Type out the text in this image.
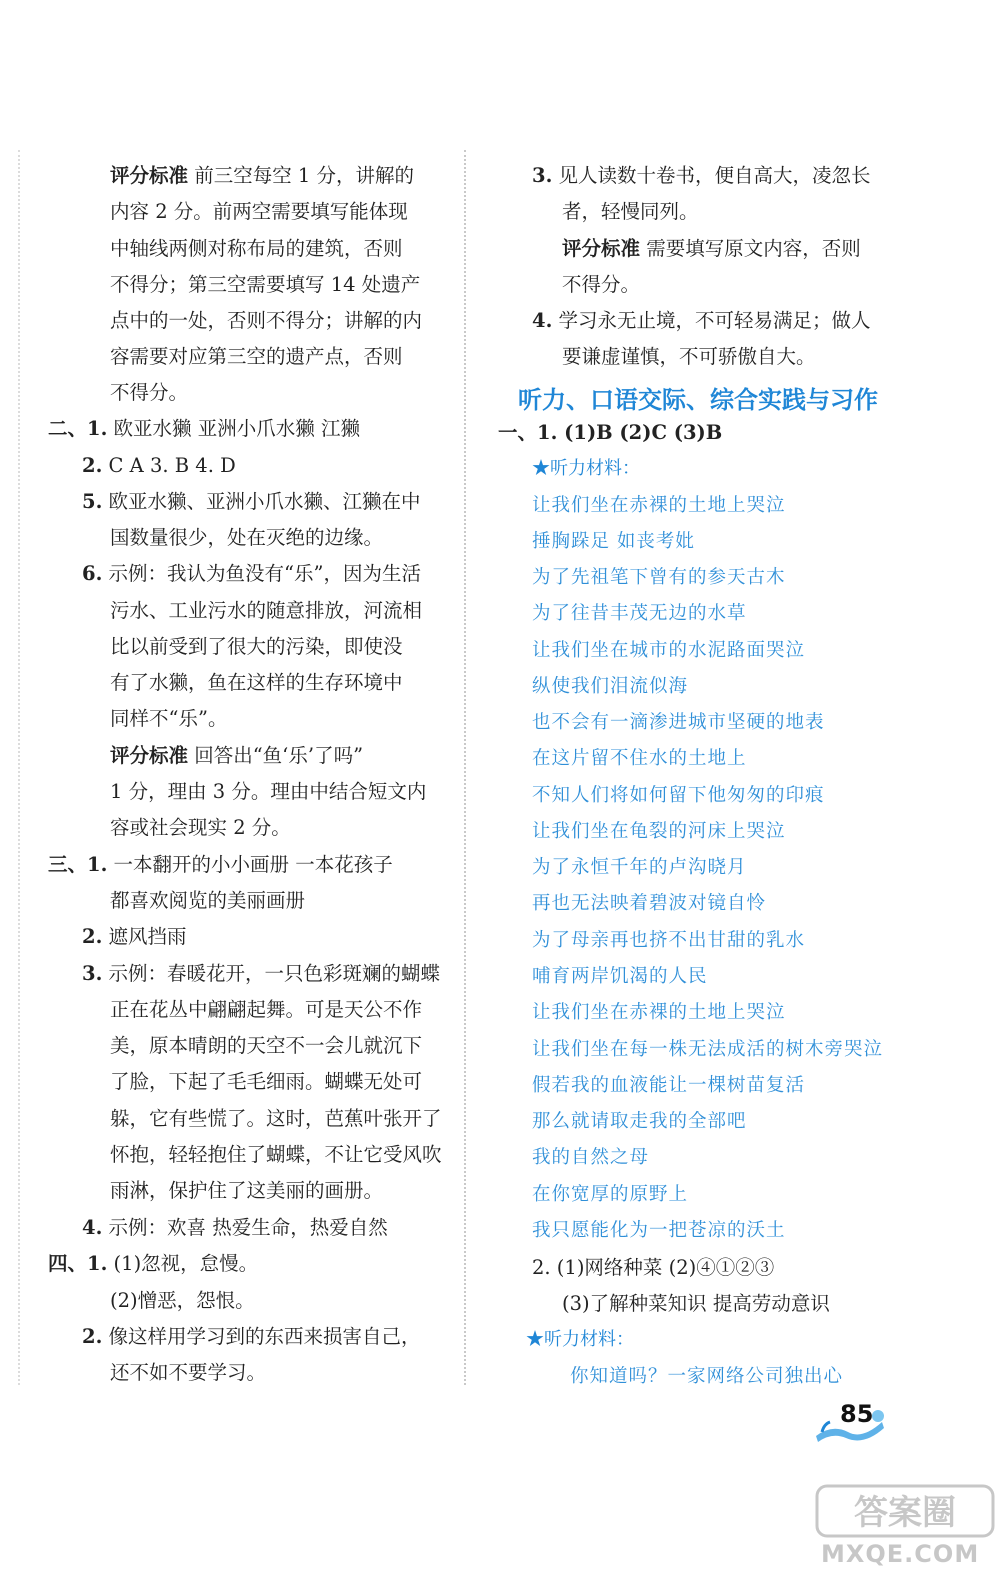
评分标准 前三空每空 1 分，讲解的
内容 2 分。前两空需要填写能体现
中轴线两侧对称布局的建筑，否则
不得分；第三空需要填写 14 处遗产
点中的一处，否则不得分；讲解的内
容需要对应第三空的遗产点，否则
不得分。
二、1. 欧亚水獭 亚洲小爪水獭 江獭
2. C A 3. B 4. D
5. 欧亚水獭、亚洲小爪水獭、江獭在中
国数量很少，处在灭绝的边缘。
6. 示例：我认为鱼没有“乐”，因为生活
污水、工业污水的随意排放，河流相
比以前受到了很大的污染，即使没
有了水獭，鱼在这样的生存环境中
同样不“乐”。
评分标准 回答出“鱼‘乐’了吗”
1 分，理由 3 分。理由中结合短文内
容或社会现实 2 分。
三、1. 一本翻开的小小画册 一本花孩子
都喜欢阅览的美丽画册
2. 遮风挡雨
3. 示例：春暖花开，一只色彩斑斓的蝴蝶
正在花丛中翩翩起舞。可是天公不作
美，原本晴朗的天空不一会儿就沉下
了脸，下起了毛毛细雨。蝴蝶无处可
躲，它有些慌了。这时，芭蕉叶张开了
怀抱，轻轻抱住了蝴蝶，不让它受风吹
雨淋，保护住了这美丽的画册。
4. 示例：欢喜 热爱生命，热爱自然
四、1. (1)忽视，怠慢。
(2)憎恶，怨恨。
2. 像这样用学习到的东西来损害自己，
还不如不要学习。
3. 见人读数十卷书，便自高大，凌忽长
者，轻慢同列。
评分标准 需要填写原文内容，否则
不得分。
4. 学习永无止境，不可轻易满足；做人
要谦虚谨慎，不可骄傲自大。
听力、口语交际、综合实践与习作
一、1. (1)B (2)C (3)B
★听力材料：
让我们坐在赤裸的土地上哭泣
捶胸跺足 如丧考妣
为了先祖笔下曾有的参天古木
为了往昔丰茂无边的水草
让我们坐在城市的水泥路面哭泣
纵使我们泪流似海
也不会有一滴渗进城市坚硬的地表
在这片留不住水的土地上
不知人们将如何留下他匆匆的印痕
让我们坐在龟裂的河床上哭泣
为了永恒千年的卢沟晓月
再也无法映着碧波对镜自怜
为了母亲再也挤不出甘甜的乳水
哺育两岸饥渴的人民
让我们坐在赤裸的土地上哭泣
让我们坐在每一株无法成活的树木旁哭泣
假若我的血液能让一棵树苗复活
那么就请取走我的全部吧
我的自然之母
在你宽厚的原野上
我只愿能化为一把苍凉的沃土
2. (1)网络种菜 (2)④①②③
(3)了解种菜知识 提高劳动意识
★听力材料：
你知道吗？一家网络公司独出心
85
答案圈
MXQE.COM
